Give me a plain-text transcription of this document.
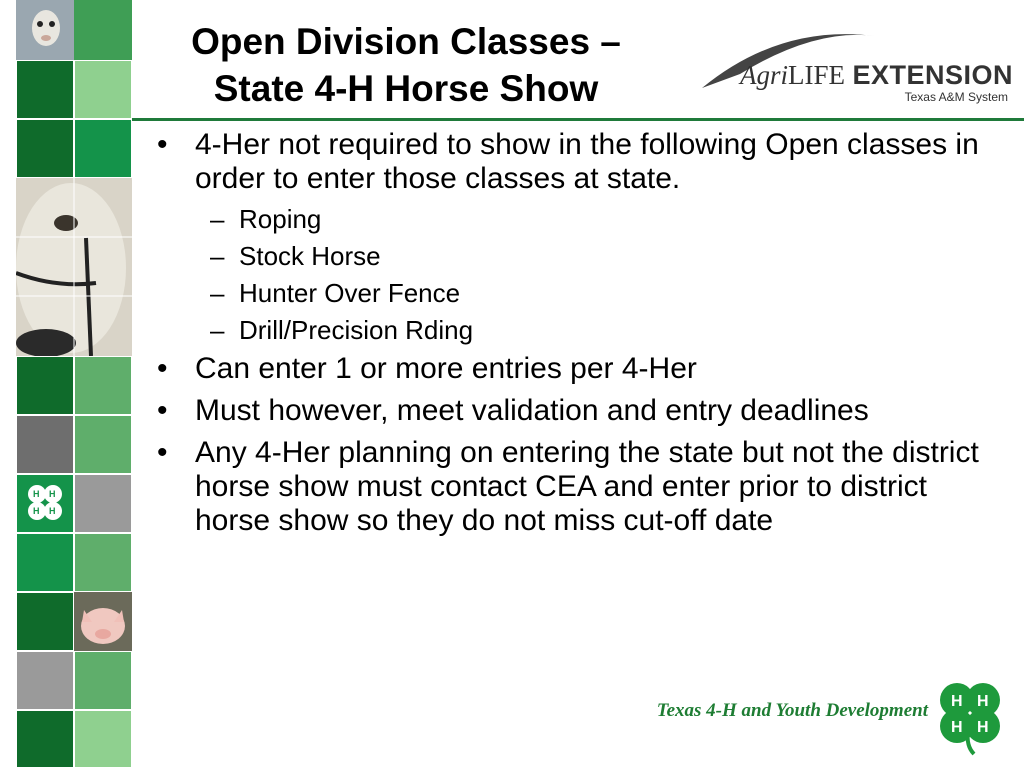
H H
H H
Open Division Classes –
State 4-H Horse Show	AgriLIFE EXTENSION
Texas A&M System
• 4-Her not required to show in the following Open classes in order to enter those classes at state.
– Roping
– Stock Horse
– Hunter Over Fence
– Drill/Precision Rding
• Can enter 1 or more entries per 4-Her
• Must however, meet validation and entry deadlines
• Any 4-Her planning on entering the state but not the district horse show must contact CEA and enter prior to district horse show so they do not miss cut-off date
Texas 4-H and Youth Development H H
H H
